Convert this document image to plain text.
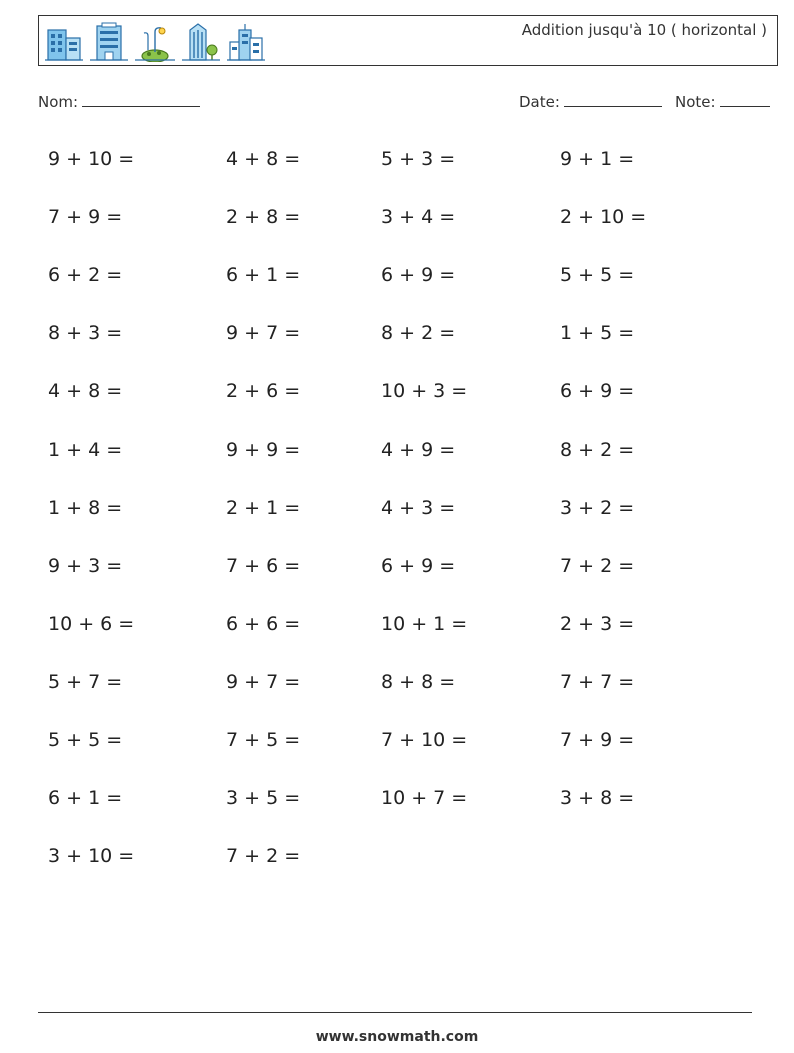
Addition jusqu'à 10 ( horizontal )
Nom:	Date:	Note:
9 + 10 =	4 + 8 =	5 + 3 =	9 + 1 =
7 + 9 =	2 + 8 =	3 + 4 =	2 + 10 =
6 + 2 =	6 + 1 =	6 + 9 =	5 + 5 =
8 + 3 =	9 + 7 =	8 + 2 =	1 + 5 =
4 + 8 =	2 + 6 =	10 + 3 =	6 + 9 =
1 + 4 =	9 + 9 =	4 + 9 =	8 + 2 =
1 + 8 =	2 + 1 =	4 + 3 =	3 + 2 =
9 + 3 =	7 + 6 =	6 + 9 =	7 + 2 =
10 + 6 =	6 + 6 =	10 + 1 =	2 + 3 =
5 + 7 =	9 + 7 =	8 + 8 =	7 + 7 =
5 + 5 =	7 + 5 =	7 + 10 =	7 + 9 =
6 + 1 =	3 + 5 =	10 + 7 =	3 + 8 =
3 + 10 =	7 + 2 =
www.snowmath.com
